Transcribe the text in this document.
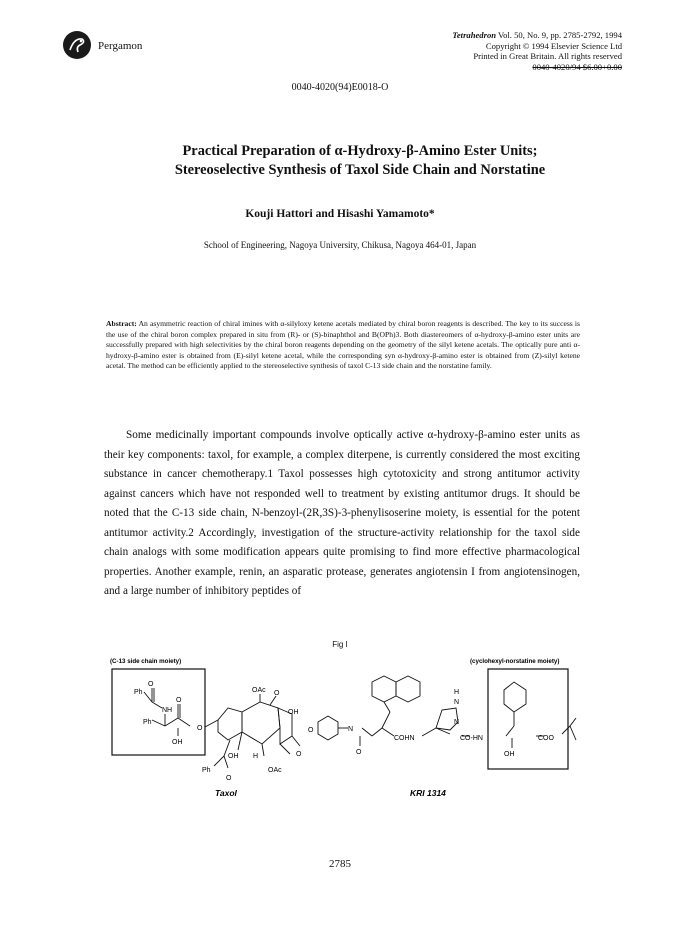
Pergamon
Tetrahedron Vol. 50, No. 9, pp. 2785-2792, 1994
Copyright © 1994 Elsevier Science Ltd
Printed in Great Britain. All rights reserved
0040-4020/94 $6.00+0.00
0040-4020(94)E0018-O
Practical Preparation of α-Hydroxy-β-Amino Ester Units;
Stereoselective Synthesis of Taxol Side Chain and Norstatine
Kouji Hattori and Hisashi Yamamoto*
School of Engineering, Nagoya University, Chikusa, Nagoya 464-01, Japan
Abstract: An asymmetric reaction of chiral imines with α-silyloxy ketene acetals mediated by chiral boron reagents is described. The key to its success is the use of the chiral boron complex prepared in situ from (R)- or (S)-binaphthol and B(OPh)3. Both diastereomers of α-hydroxy-β-amino ester units are successfully prepared with high selectivities by the chiral boron reagents depending on the geometry of the silyl ketene acetals. The optically pure anti α-hydroxy-β-amino ester is obtained from (E)-silyl ketene acetal, while the corresponding syn α-hydroxy-β-amino ester is obtained from (Z)-silyl ketene acetal. The method can be efficiently applied to the stereoselective synthesis of taxol C-13 side chain and the norstatine family.
Some medicinally important compounds involve optically active α-hydroxy-β-amino ester units as their key components: taxol, for example, a complex diterpene, is currently considered the most exciting substance in cancer chemotherapy.1 Taxol possesses high cytotoxicity and strong antitumor activity against cancers which have not responded well to treatment by existing antitumor drugs. It should be noted that the C-13 side chain, N-benzoyl-(2R,3S)-3-phenylisoserine moiety, is essential for the potent antitumor activity.2 Accordingly, investigation of the structure-activity relationship for the taxol side chain analogs with some modification appears quite promising to find more effective pharmacological properties. Another example, renin, an asparatic protease, generates angiotensin I from angiotensinogen, and a large number of inhibitory peptides of
Fig I
(C-13 side chain moiety)
Ph
O
NH
O
Ph
OH
O
OAc O
OH
OH H	O
Ph	OAc
O
N
O
O
COHN
H
N
N
CO-HN	COO
OH
(cyclohexyl-norstatine moiety)
Taxol	KRI 1314
2785
